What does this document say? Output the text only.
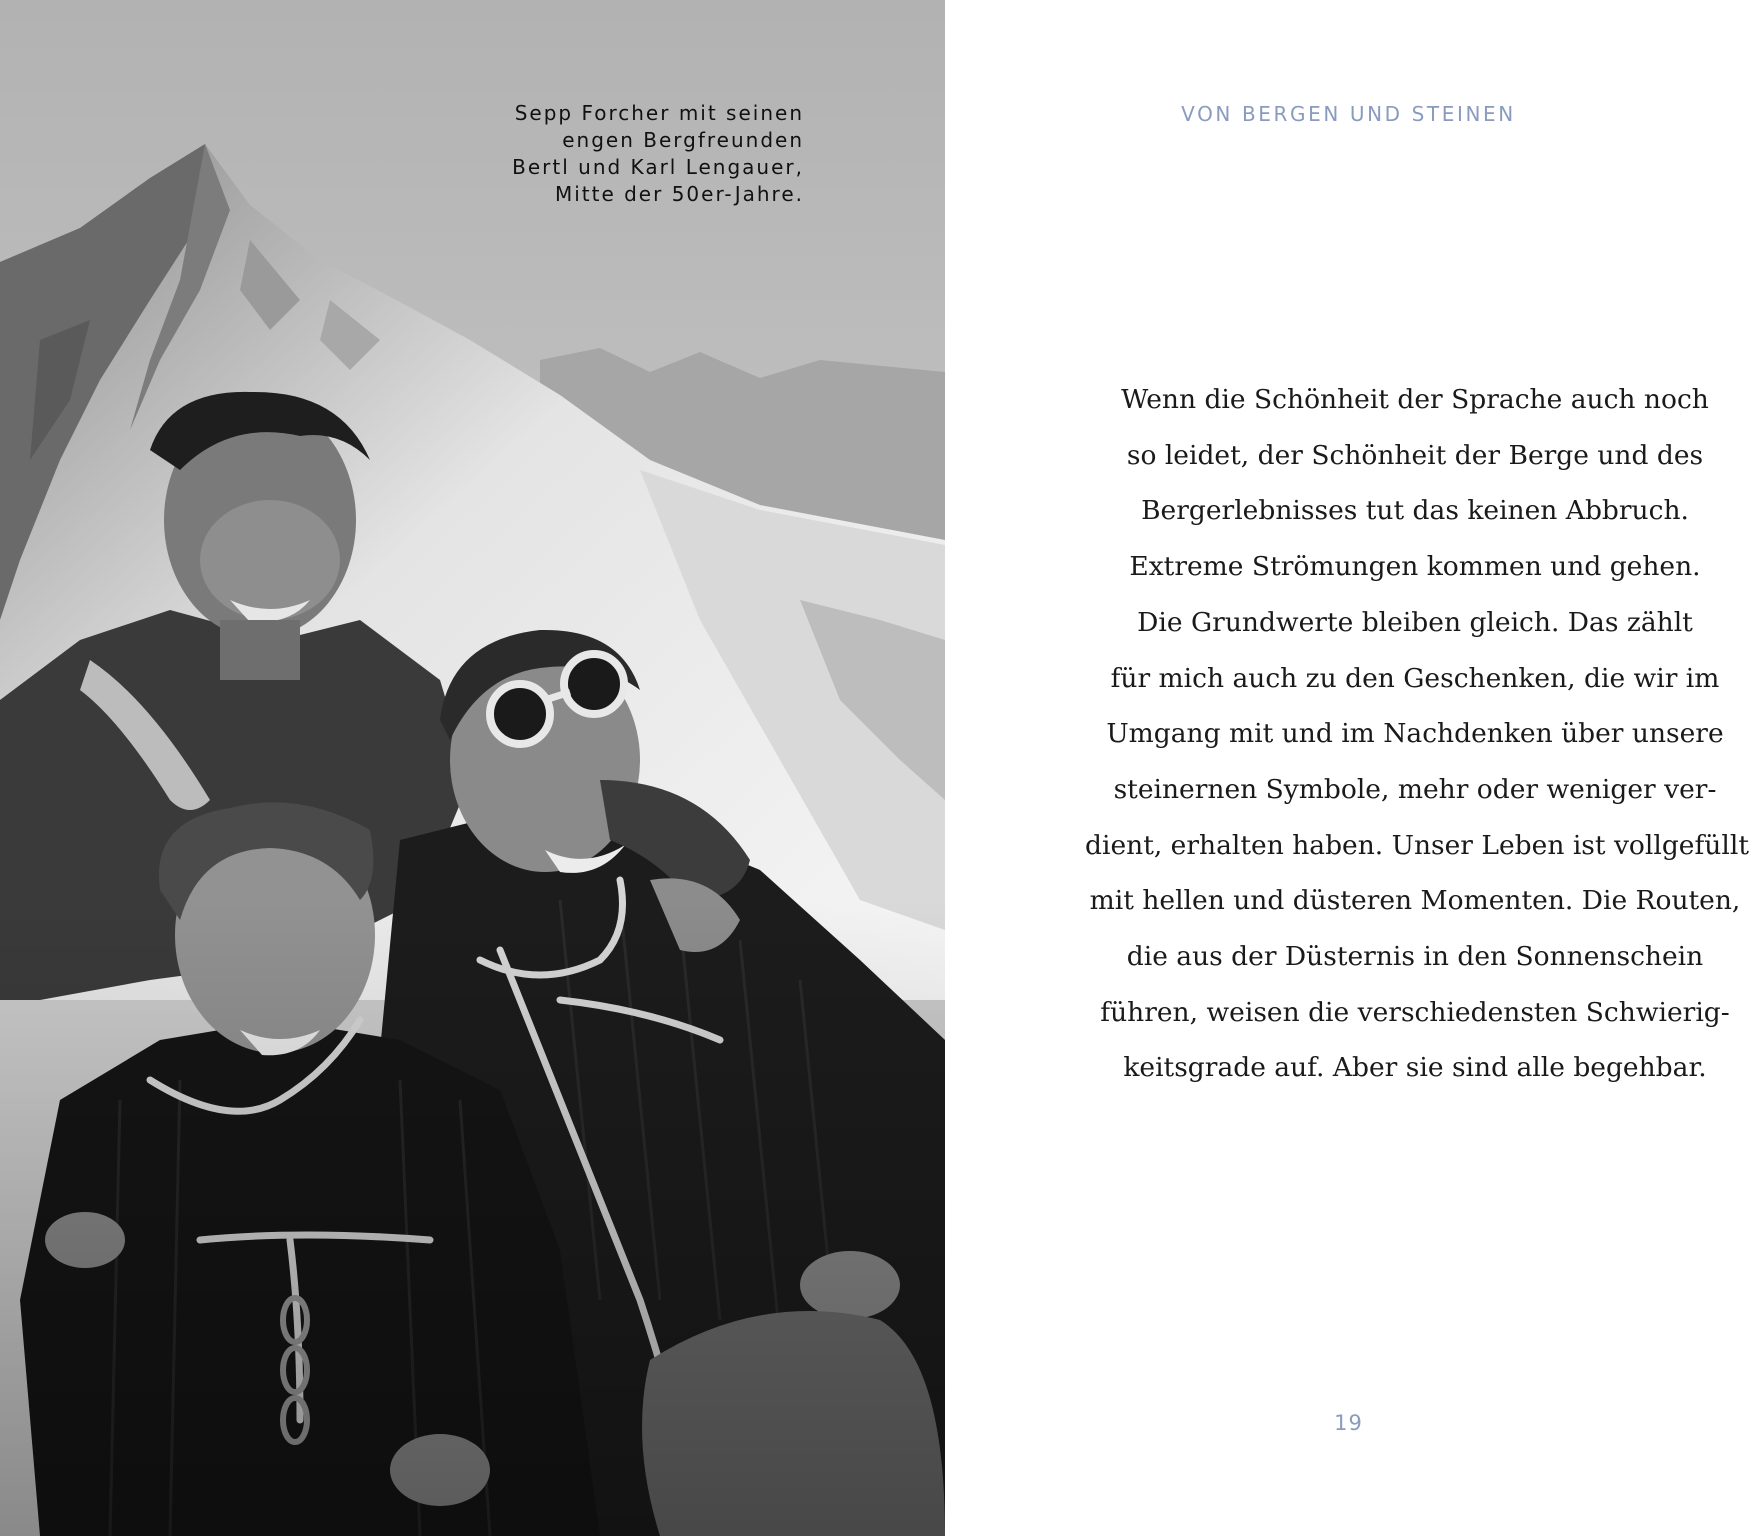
Sepp Forcher mit seinen
engen Bergfreunden
Bertl und Karl Lengauer,
Mitte der 50er-Jahre.
VON BERGEN UND STEINEN
Wenn die Schönheit der Sprache auch noch
so leidet, der Schönheit der Berge und des
Bergerlebnisses tut das keinen Abbruch.
Extreme Strömungen kommen und gehen.
Die Grundwerte bleiben gleich. Das zählt
für mich auch zu den Geschenken, die wir im
Umgang mit und im Nachdenken über unsere
steinernen Symbole, mehr oder weniger ver-
dient, erhalten haben. Unser Leben ist vollgefüllt
mit hellen und düsteren Momenten. Die Routen,
die aus der Düsternis in den Sonnenschein
führen, weisen die verschiedensten Schwierig-
keitsgrade auf. Aber sie sind alle begehbar.
19
